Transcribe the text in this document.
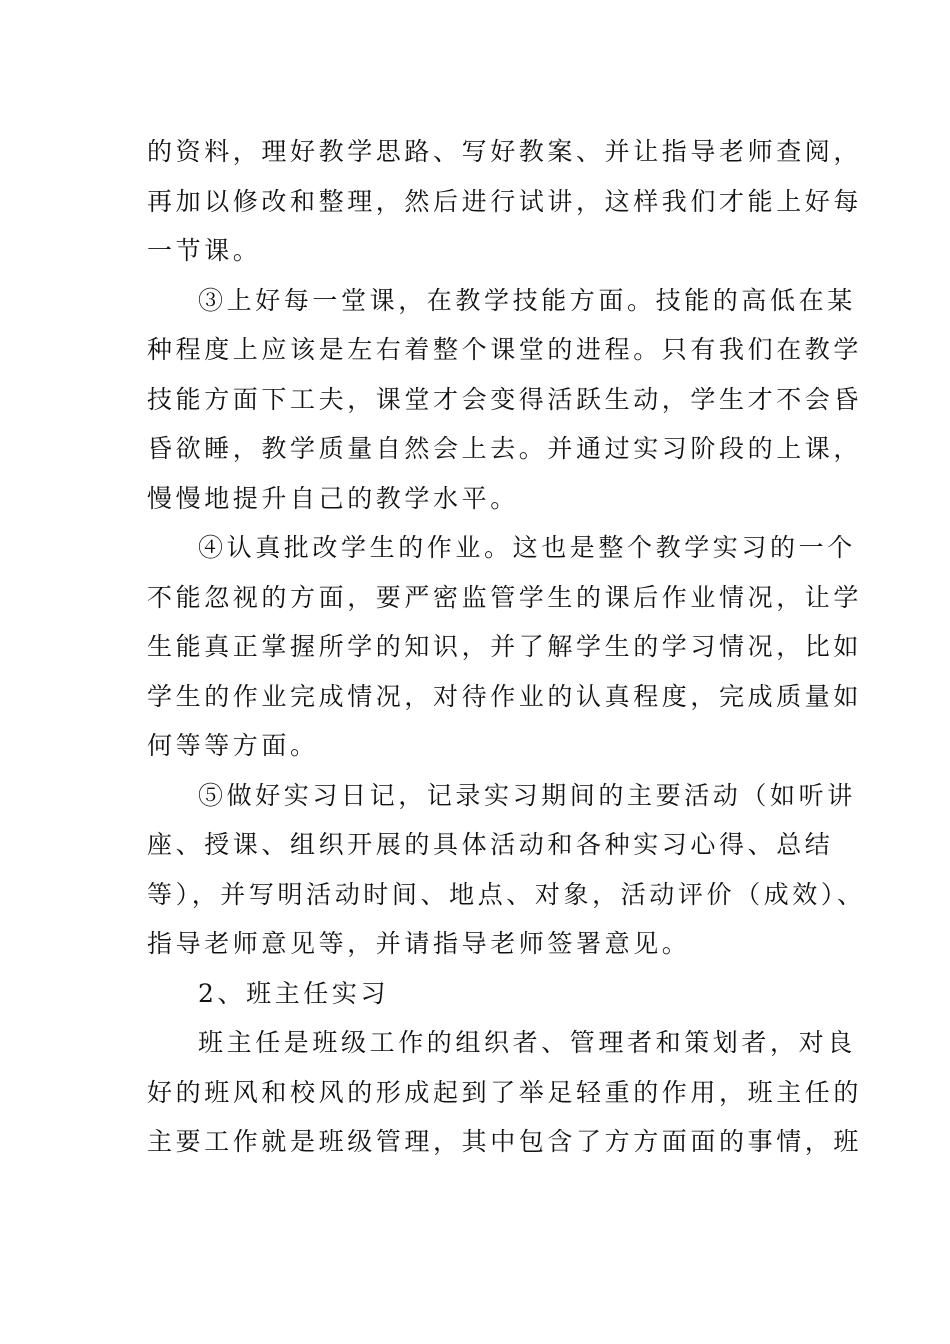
的资料，理好教学思路、写好教案、并让指导老师查阅，
再加以修改和整理，然后进行试讲，这样我们才能上好每
一节课。
③上好每一堂课，在教学技能方面。技能的高低在某
种程度上应该是左右着整个课堂的进程。只有我们在教学
技能方面下工夫，课堂才会变得活跃生动，学生才不会昏
昏欲睡，教学质量自然会上去。并通过实习阶段的上课，
慢慢地提升自己的教学水平。
④认真批改学生的作业。这也是整个教学实习的一个
不能忽视的方面，要严密监管学生的课后作业情况，让学
生能真正掌握所学的知识，并了解学生的学习情况，比如
学生的作业完成情况，对待作业的认真程度，完成质量如
何等等方面。
⑤做好实习日记，记录实习期间的主要活动（如听讲
座、授课、组织开展的具体活动和各种实习心得、总结
等），并写明活动时间、地点、对象，活动评价（成效）、
指导老师意见等，并请指导老师签署意见。
2、班主任实习
班主任是班级工作的组织者、管理者和策划者，对良
好的班风和校风的形成起到了举足轻重的作用，班主任的
主要工作就是班级管理，其中包含了方方面面的事情，班
